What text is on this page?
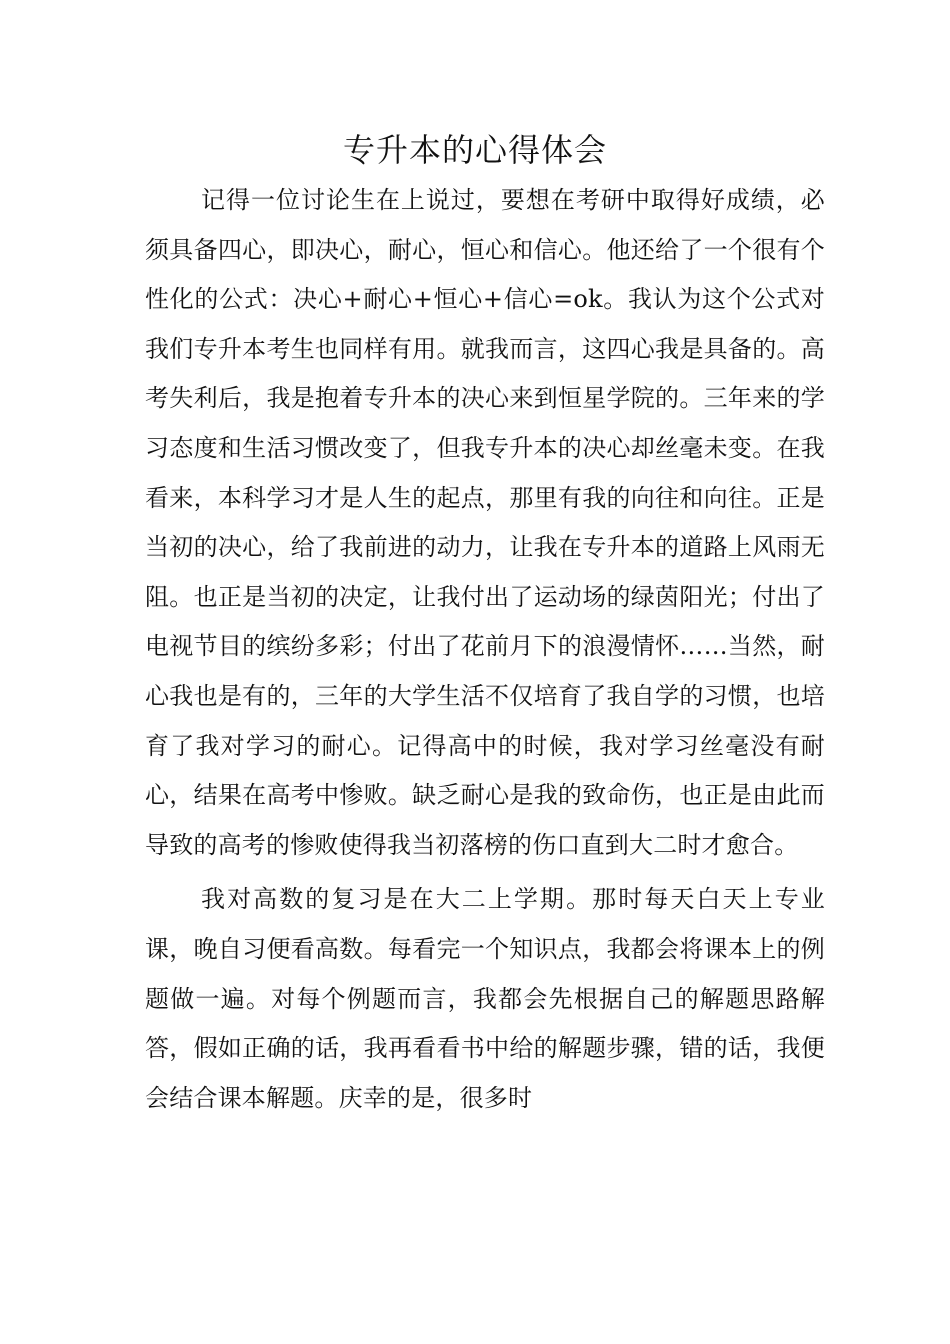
专升本的心得体会

记得一位讨论生在上说过，要想在考研中取得好成绩，必须具备四心，即决心，耐心，恒心和信心。他还给了一个很有个性化的公式：决心+耐心+恒心+信心=ok。我认为这个公式对我们专升本考生也同样有用。就我而言，这四心我是具备的。高考失利后，我是抱着专升本的决心来到恒星学院的。三年来的学习态度和生活习惯改变了，但我专升本的决心却丝毫未变。在我看来，本科学习才是人生的起点，那里有我的向往和向往。正是当初的决心，给了我前进的动力，让我在专升本的道路上风雨无阻。也正是当初的决定，让我付出了运动场的绿茵阳光；付出了电视节目的缤纷多彩；付出了花前月下的浪漫情怀……当然，耐心我也是有的，三年的大学生活不仅培育了我自学的习惯，也培育了我对学习的耐心。记得高中的时候，我对学习丝毫没有耐心，结果在高考中惨败。缺乏耐心是我的致命伤，也正是由此而导致的高考的惨败使得我当初落榜的伤口直到大二时才愈合。

我对高数的复习是在大二上学期。那时每天白天上专业课，晚自习便看高数。每看完一个知识点，我都会将课本上的例题做一遍。对每个例题而言，我都会先根据自己的解题思路解答，假如正确的话，我再看看书中给的解题步骤，错的话，我便会结合课本解题。庆幸的是，很多时
